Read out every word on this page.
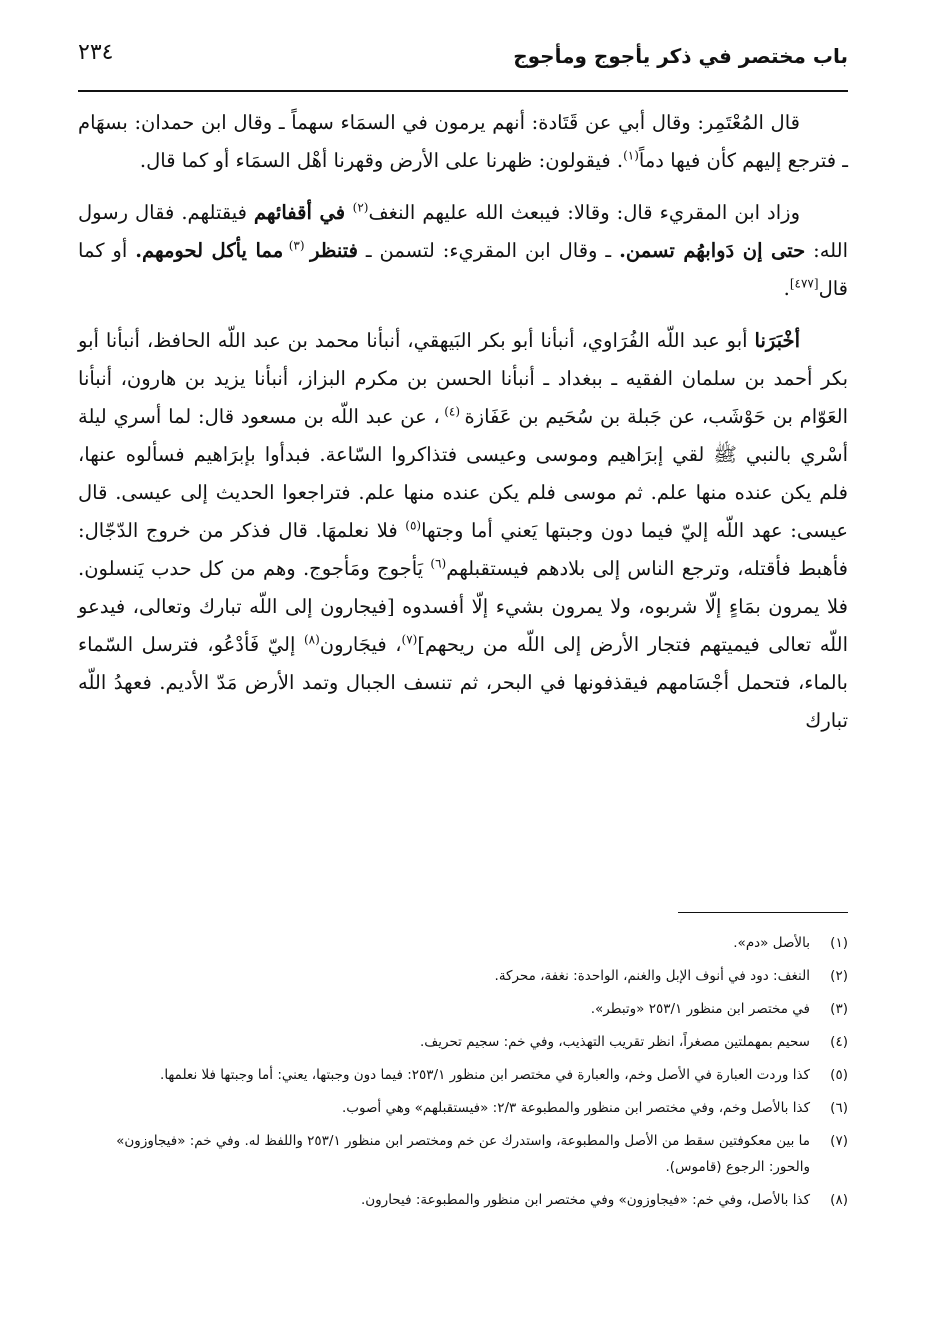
باب مختصر في ذكر يأجوج ومأجوج
٢٣٤

قال المُعْتَمِر: وقال أبي عن قَتَادة: أنهم يرمون في السمَاء سهماً ـ وقال ابن حمدان: بسهَام ـ فترجع إليهم كأن فيها دماً$^{(١)}$. فيقولون: ظهرنا على الأرض وقهرنا أهْل السمَاء أو كما قال.

وزاد ابن المقريء قال: وقالا: فيبعث الله عليهم النغف$^{(٢)}$ في أقفائهم فيقتلهم. فقال رسول الله: حتى إن دَوابهُم تسمن. ـ وقال ابن المقريء: لتسمن ـ فتنظر $^{(٣)}$ مما يأكل لحومهم. أو كما قال[٤٧٧].

أخْبَرَنا أبو عبد اللّه الفُرَاوي، أنبأنا أبو بكر البَيهقي، أنبأنا محمد بن عبد اللّه الحافظ، أنبأنا أبو بكر أحمد بن سلمان الفقيه ـ ببغداد ـ أنبأنا الحسن بن مكرم البزاز، أنبأنا يزيد بن هارون، أنبأنا العَوّام بن حَوْشَب، عن جَبلة بن سُحَيم بن عَفَازة $^{(٤)}$ ، عن عبد اللّه بن مسعود قال: لما أسري ليلة أسْري بالنبي ﷺ لقي إبرَاهيم وموسى وعيسى فتذاكروا السّاعة. فبدأوا بإبرَاهيم فسألوه عنها، فلم يكن عنده منها علم. ثم موسى فلم يكن عنده منها علم. فتراجعوا الحديث إلى عيسى. قال عيسى: عهد اللّه إليّ فيما دون وجبتها يَعني أما وجتها$^{(٥)}$ فلا نعلمهَا. قال فذكر من خروج الدّجّال: فأهبط فأقتله، وترجع الناس إلى بلادهم فيستقبلهم$^{(٦)}$ يَأجوج ومَأجوج. وهم من كل حدب يَنسلون. فلا يمرون بمَاءٍ إلّا شربوه، ولا يمرون بشيء إلّا أفسدوه [فيجارون إلى اللّه تبارك وتعالى، فيدعو اللّه تعالى فيميتهم فتجار الأرض إلى اللّه من ريحهم]$^{(٧)}$، فيجَارون$^{(٨)}$ إليّ فَأدْعُو، فترسل السّماء بالماء، فتحمل أجْسَامهم فيقذفونها في البحر، ثم تنسف الجبال وتمد الأرض مَدّ الأديم. فعهدُ اللّه تبارك

(١)
بالأصل «دم».
(٢)
النغف: دود في أنوف الإبل والغنم، الواحدة: نغفة، محركة.
(٣)
في مختصر ابن منظور ٢٥٣/١ «وتبطر».
(٤)
سحيم بمهملتين مصغراً، انظر تقريب التهذيب، وفي خم: سجيم تحريف.
(٥)
كذا وردت العبارة في الأصل وخم، والعبارة في مختصر ابن منظور ٢٥٣/١: فيما دون وجبتها، يعني: أما وجبتها فلا نعلمها.
(٦)
كذا بالأصل وخم، وفي مختصر ابن منظور والمطبوعة ٢/٣: «فيستقبلهم» وهي أصوب.
(٧)
ما بين معكوفتين سقط من الأصل والمطبوعة، واستدرك عن خم ومختصر ابن منظور ٢٥٣/١ واللفظ له. وفي خم: «فيجاوزون» والحور: الرجوع (قاموس).
(٨)
كذا بالأصل، وفي خم: «فيجاوزون» وفي مختصر ابن منظور والمطبوعة: فيحارون.
